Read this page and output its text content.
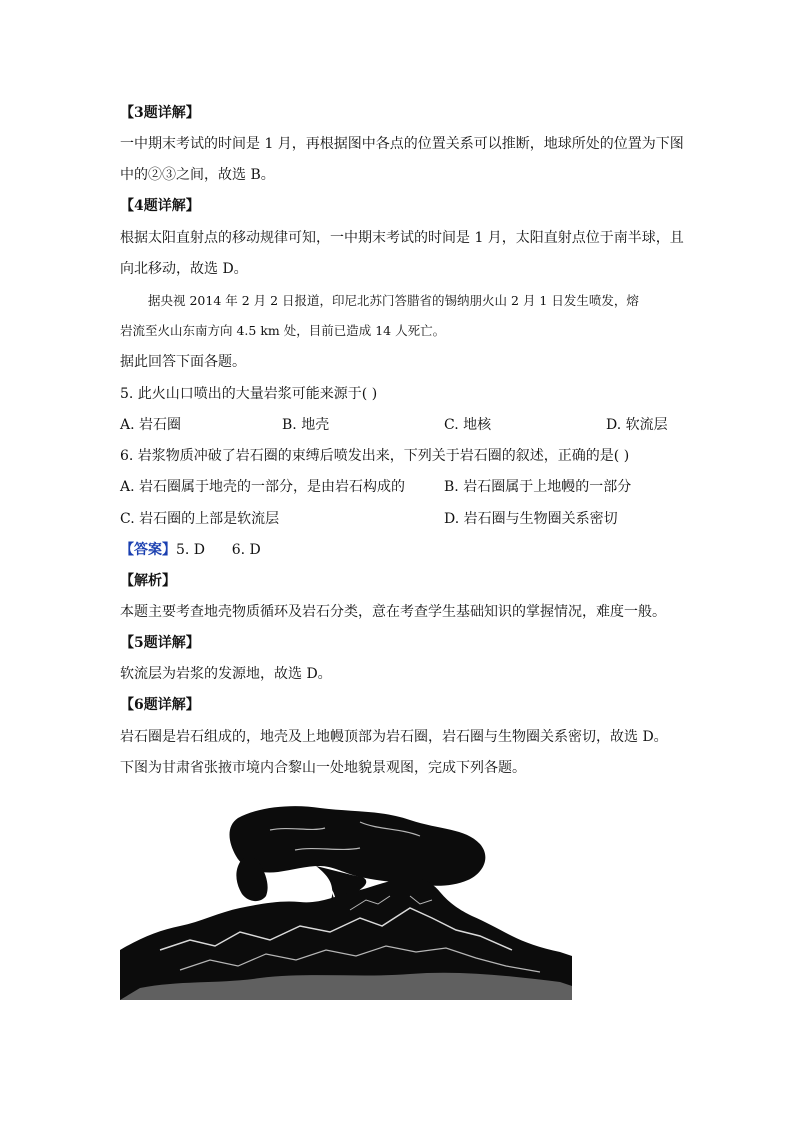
【3题详解】
一中期末考试的时间是 1 月，再根据图中各点的位置关系可以推断，地球所处的位置为下图
中的②③之间，故选 B。
【4题详解】
根据太阳直射点的移动规律可知，一中期末考试的时间是 1 月，太阳直射点位于南半球，且
向北移动，故选 D。
据央视 2014 年 2 月 2 日报道，印尼北苏门答腊省的锡纳朋火山 2 月 1 日发生喷发，熔
岩流至火山东南方向 4.5 km 处，目前已造成 14 人死亡。
据此回答下面各题。
5. 此火山口喷出的大量岩浆可能来源于( )
A. 岩石圈	B. 地壳	C. 地核	D. 软流层
6. 岩浆物质冲破了岩石圈的束缚后喷发出来，下列关于岩石圈的叙述，正确的是( )
A. 岩石圈属于地壳的一部分，是由岩石构成的	B. 岩石圈属于上地幔的一部分
C. 岩石圈的上部是软流层	D. 岩石圈与生物圈关系密切
【答案】5. D      6. D
【解析】
本题主要考查地壳物质循环及岩石分类，意在考查学生基础知识的掌握情况，难度一般。
【5题详解】
软流层为岩浆的发源地，故选 D。
【6题详解】
岩石圈是岩石组成的，地壳及上地幔顶部为岩石圈，岩石圈与生物圈关系密切，故选 D。
下图为甘肃省张掖市境内合黎山一处地貌景观图，完成下列各题。
